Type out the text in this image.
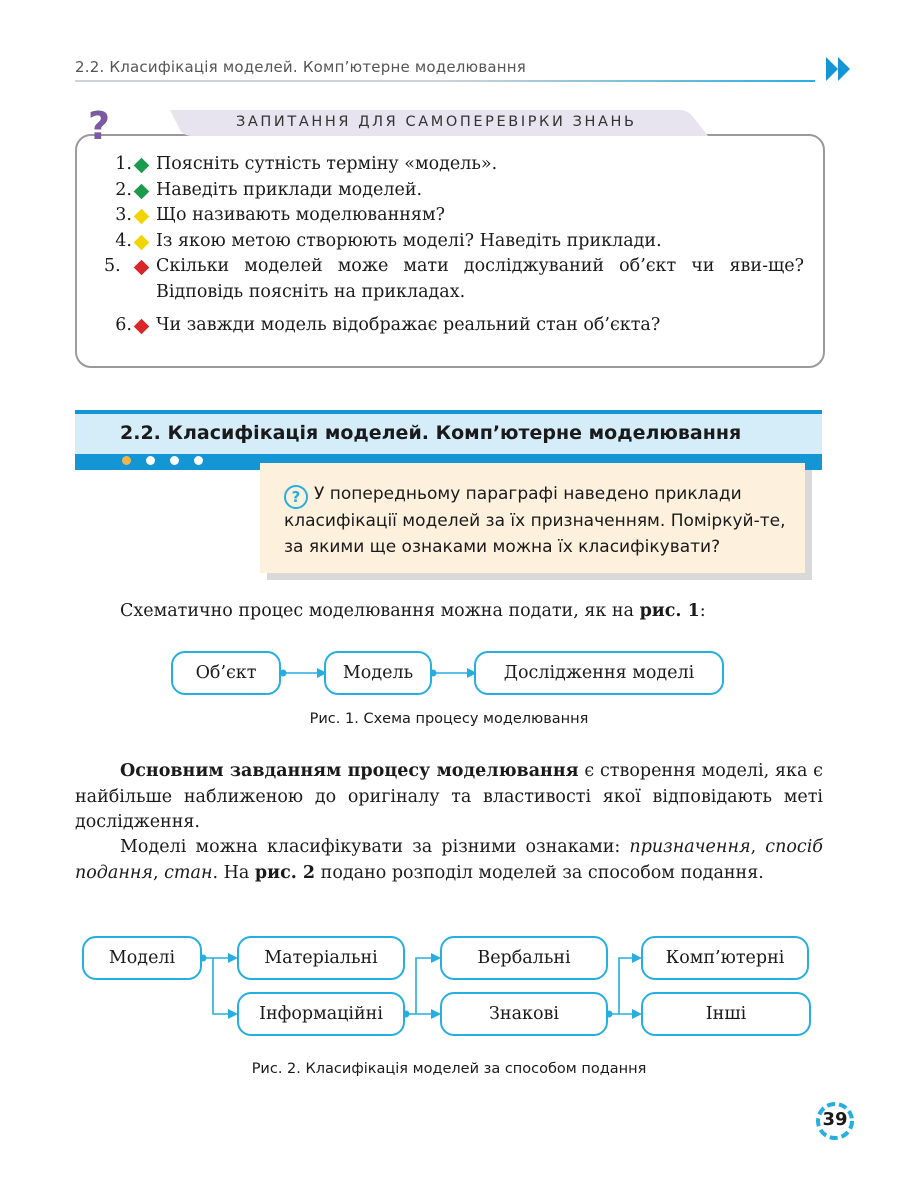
2.2. Класифікація моделей. Комп’ютерне моделювання
ЗАПИТАННЯ ДЛЯ САМОПЕРЕВІРКИ ЗНАНЬ
?
1. Поясніть сутність терміну «модель».
2. Наведіть приклади моделей.
3. Що називають моделюванням?
4. Із якою метою створюють моделі? Наведіть приклади.
5.	Скільки моделей може мати досліджуваний об’єкт чи яви-ще? Відповідь поясніть на прикладах.
6. Чи завжди модель відображає реальний стан об’єкта?
2.2. Класифікація моделей. Комп’ютерне моделювання
? У попередньому параграфі наведено приклади класифікації моделей за їх призначенням. Поміркуй-те, за якими ще ознаками можна їх класифікувати?
Схематично процес моделювання можна подати, як на рис. 1:
Об’єкт	Модель	Дослідження моделі
Рис. 1. Схема процесу моделювання
Основним завданням процесу моделювання є створення моделі, яка є найбільше наближеною до оригіналу та властивості якої відповідають меті дослідження.
Моделі можна класифікувати за різними ознаками: призначення, спосіб подання, стан. На рис. 2 подано розподіл моделей за способом подання.
Моделі	Матеріальні
Інформаційні
Вербальні
Знакові
Комп’ютерні
Інші
Рис. 2. Класифікація моделей за способом подання
39
